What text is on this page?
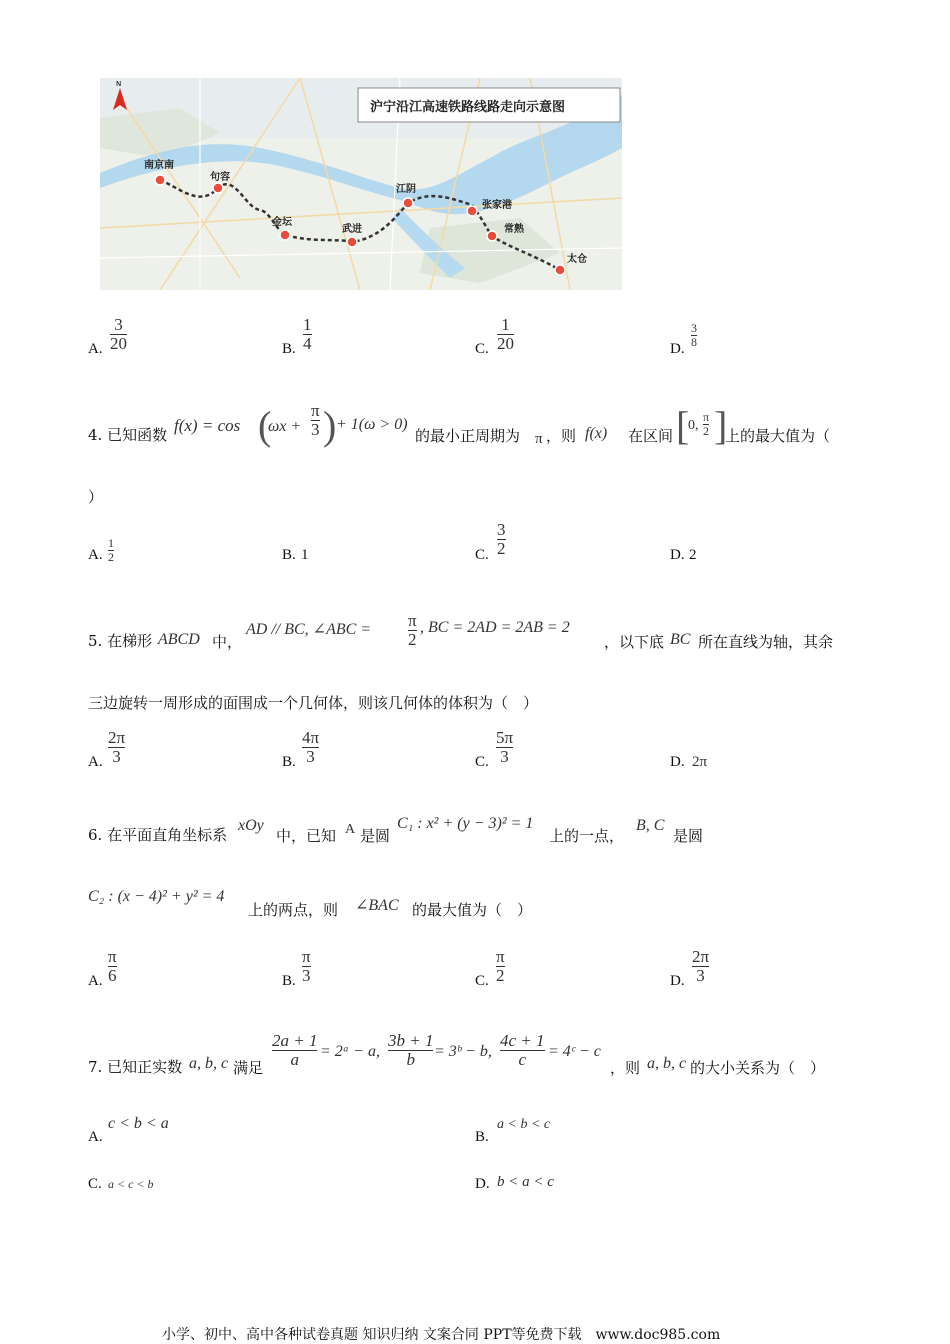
N
沪宁沿江高速铁路线路走向示意图
南京南
句容
金坛
武进
江阴
张家港
常熟
太仓
A.
3
20	B.
1
4	C.
1
20	D.
3
8
4. 已知函数 f(x) = cos (
ωx +
π
3 ) + 1(ω > 0)
的最小正周期为 π ，则 f(x) 在区间 [
0,
π
2 ]
上的最大值为（
）
A.
1
2	B. 1	C.
3
2	D. 2
5. 在梯形 ABCD 中，
AD // BC, ∠ABC = π
2
, BC = 2AD = 2AB = 2
，以下底 BC 所在直线为轴，其余
三边旋转一周形成的面围成一个几何体，则该几何体的体积为（　）
A.
2π
3	B.
4π
3	C.
5π
3	D. 2π
6. 在平面直角坐标系
xOy
中，已知 A 是圆
C₁ : x² + (y − 3)² = 1
上的一点，
B, C
是圆
C₂ : (x − 4)² + y² = 4
上的两点，则 ∠BAC 的最大值为（　）
A.
π
6	B.
π
3	C.
π
2	D.
2π
3
7. 已知正实数 a, b, c 满足
2a + 1
a = 2ᵃ − a,
3b + 1
b = 3ᵇ − b,
4c + 1
c = 4ᶜ − c
，则 a, b, c 的大小关系为（　）
A.
c < b < a
B.
a < b < c
C. a < c < b	D. b < a < c
小学、初中、高中各种试卷真题 知识归纳 文案合同 PPT等免费下载　www.doc985.com
